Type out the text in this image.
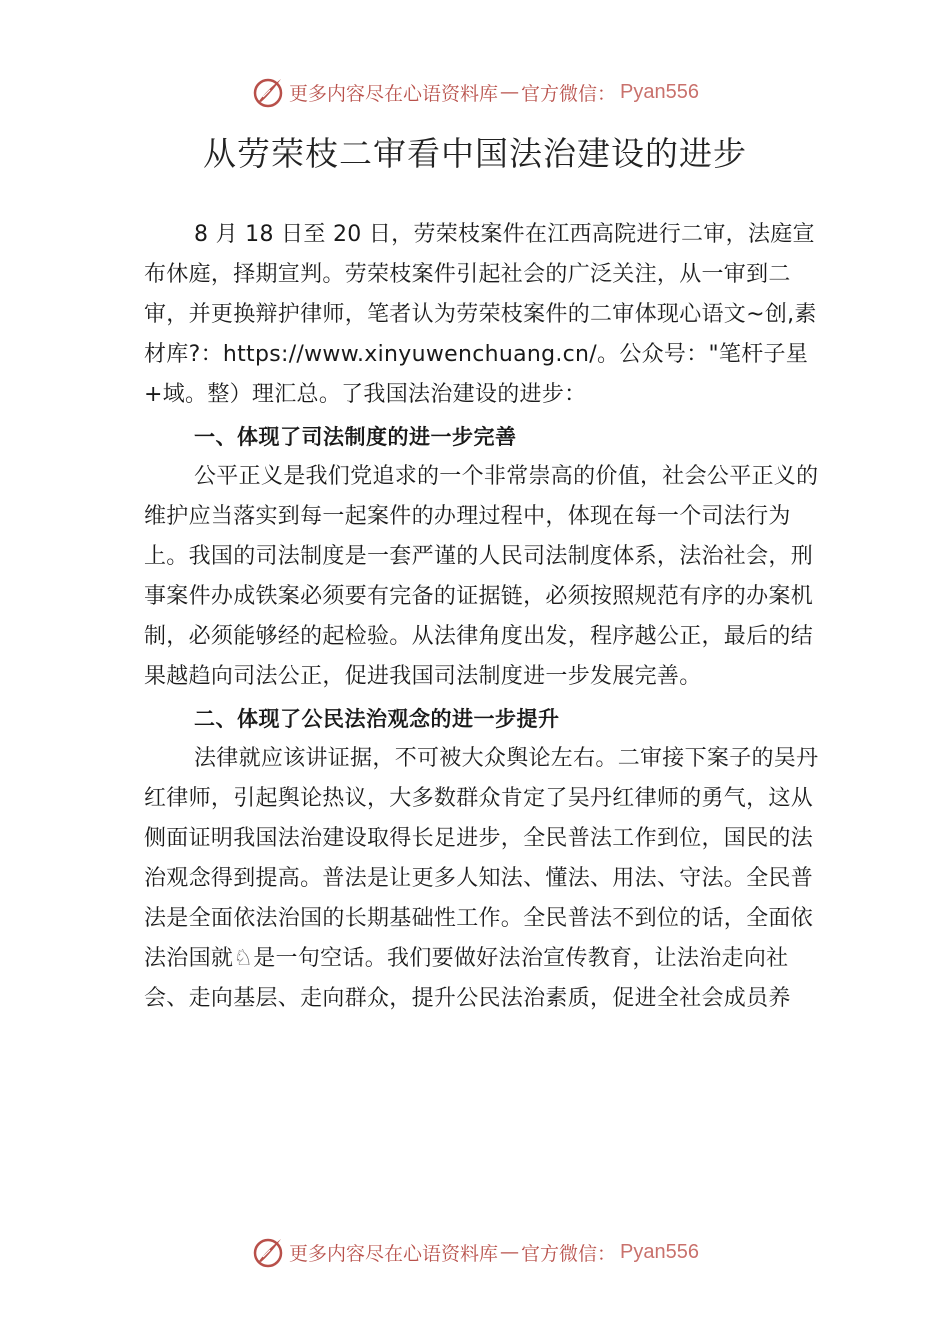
更多内容尽在心语资料库 — 官方微信： Pyan556
从劳荣枝二审看中国法治建设的进步

8 月 18 日至 20 日，劳荣枝案件在江西高院进行二审，法庭宣布休庭，择期宣判。劳荣枝案件引起社会的广泛关注，从一审到二审，并更换辩护律师，笔者认为劳荣枝案件的二审体现心语文~创,素材库?：https://www.xinyuwenchuang.cn/。公众号："笔杆子星+域。整）理汇总。了我国法治建设的进步：

一、体现了司法制度的进一步完善

公平正义是我们党追求的一个非常崇高的价值，社会公平正义的维护应当落实到每一起案件的办理过程中，体现在每一个司法行为上。我国的司法制度是一套严谨的人民司法制度体系，法治社会，刑事案件办成铁案必须要有完备的证据链，必须按照规范有序的办案机制，必须能够经的起检验。从法律角度出发，程序越公正，最后的结果越趋向司法公正，促进我国司法制度进一步发展完善。

二、体现了公民法治观念的进一步提升

法律就应该讲证据，不可被大众舆论左右。二审接下案子的吴丹红律师，引起舆论热议，大多数群众肯定了吴丹红律师的勇气，这从侧面证明我国法治建设取得长足进步，全民普法工作到位，国民的法治观念得到提高。普法是让更多人知法、懂法、用法、守法。全民普法是全面依法治国的长期基础性工作。全民普法不到位的话，全面依法治国就♘是一句空话。我们要做好法治宣传教育，让法治走向社会、走向基层、走向群众，提升公民法治素质，促进全社会成员养

更多内容尽在心语资料库 — 官方微信： Pyan556
